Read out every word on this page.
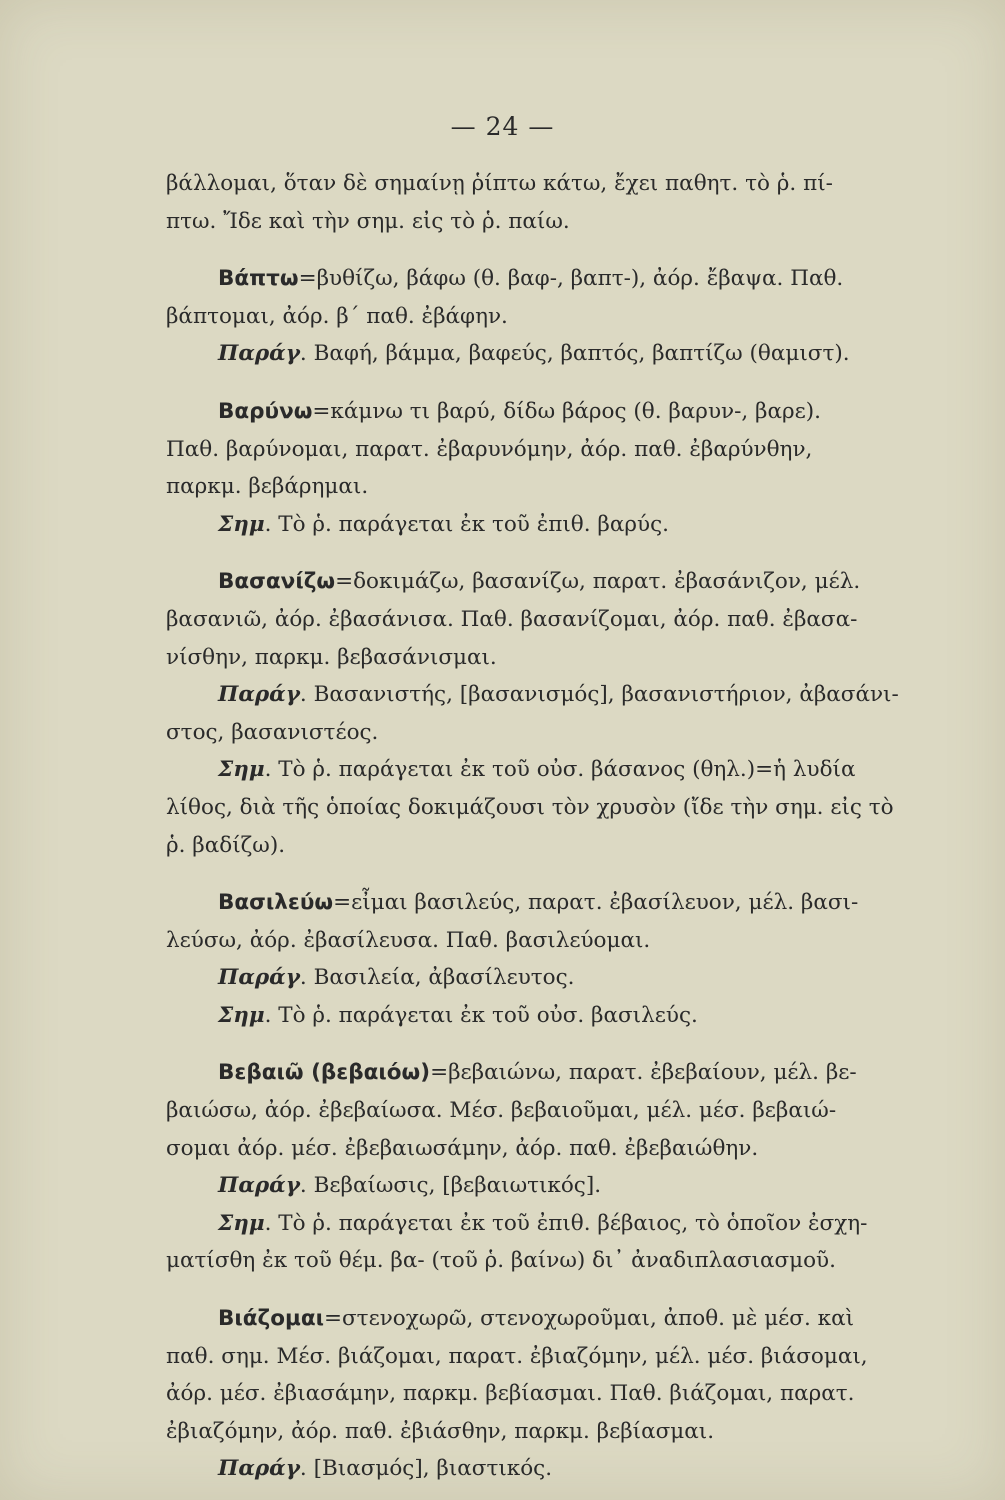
— 24 —
βάλλομαι, ὅταν δὲ σημαίνῃ ῥίπτω κάτω, ἔχει παθητ. τὸ ῥ. πί-
πτω. Ἴδε καὶ τὴν σημ. εἰς τὸ ῥ. παίω.
Βάπτω=βυθίζω, βάφω (θ. βαφ-, βαπτ-), ἀόρ. ἔβαψα. Παθ.
βάπτομαι, ἀόρ. β΄ παθ. ἐβάφην.
Παράγ. Βαφή, βάμμα, βαφεύς, βαπτός, βαπτίζω (θαμιστ).
Βαρύνω=κάμνω τι βαρύ, δίδω βάρος (θ. βαρυν-, βαρε).
Παθ. βαρύνομαι, παρατ. ἐβαρυνόμην, ἀόρ. παθ. ἐβαρύνθην,
παρκμ. βεβάρημαι.
Σημ. Τὸ ῥ. παράγεται ἐκ τοῦ ἐπιθ. βαρύς.
Βασανίζω=δοκιμάζω, βασανίζω, παρατ. ἐβασάνιζον, μέλ.
βασανιῶ, ἀόρ. ἐβασάνισα. Παθ. βασανίζομαι, ἀόρ. παθ. ἐβασα-
νίσθην, παρκμ. βεβασάνισμαι.
Παράγ. Βασανιστής, [βασανισμός], βασανιστήριον, ἀβασάνι-
στος, βασανιστέος.
Σημ. Τὸ ῥ. παράγεται ἐκ τοῦ οὐσ. βάσανος (θηλ.)=ἡ λυδία
λίθος, διὰ τῆς ὁποίας δοκιμάζουσι τὸν χρυσὸν (ἴδε τὴν σημ. εἰς τὸ
ῥ. βαδίζω).
Βασιλεύω=εἶμαι βασιλεύς, παρατ. ἐβασίλευον, μέλ. βασι-
λεύσω, ἀόρ. ἐβασίλευσα. Παθ. βασιλεύομαι.
Παράγ. Βασιλεία, ἀβασίλευτος.
Σημ. Τὸ ῥ. παράγεται ἐκ τοῦ οὐσ. βασιλεύς.
Βεβαιῶ (βεβαιόω)=βεβαιώνω, παρατ. ἐβεβαίουν, μέλ. βε-
βαιώσω, ἀόρ. ἐβεβαίωσα. Μέσ. βεβαιοῦμαι, μέλ. μέσ. βεβαιώ-
σομαι ἀόρ. μέσ. ἐβεβαιωσάμην, ἀόρ. παθ. ἐβεβαιώθην.
Παράγ. Βεβαίωσις, [βεβαιωτικός].
Σημ. Τὸ ῥ. παράγεται ἐκ τοῦ ἐπιθ. βέβαιος, τὸ ὁποῖον ἐσχη-
ματίσθη ἐκ τοῦ θέμ. βα- (τοῦ ῥ. βαίνω) δι᾽ ἀναδιπλασιασμοῦ.
Βιάζομαι=στενοχωρῶ, στενοχωροῦμαι, ἀποθ. μὲ μέσ. καὶ
παθ. σημ. Μέσ. βιάζομαι, παρατ. ἐβιαζόμην, μέλ. μέσ. βιάσομαι,
ἀόρ. μέσ. ἐβιασάμην, παρκμ. βεβίασμαι. Παθ. βιάζομαι, παρατ.
ἐβιαζόμην, ἀόρ. παθ. ἐβιάσθην, παρκμ. βεβίασμαι.
Παράγ. [Βιασμός], βιαστικός.
